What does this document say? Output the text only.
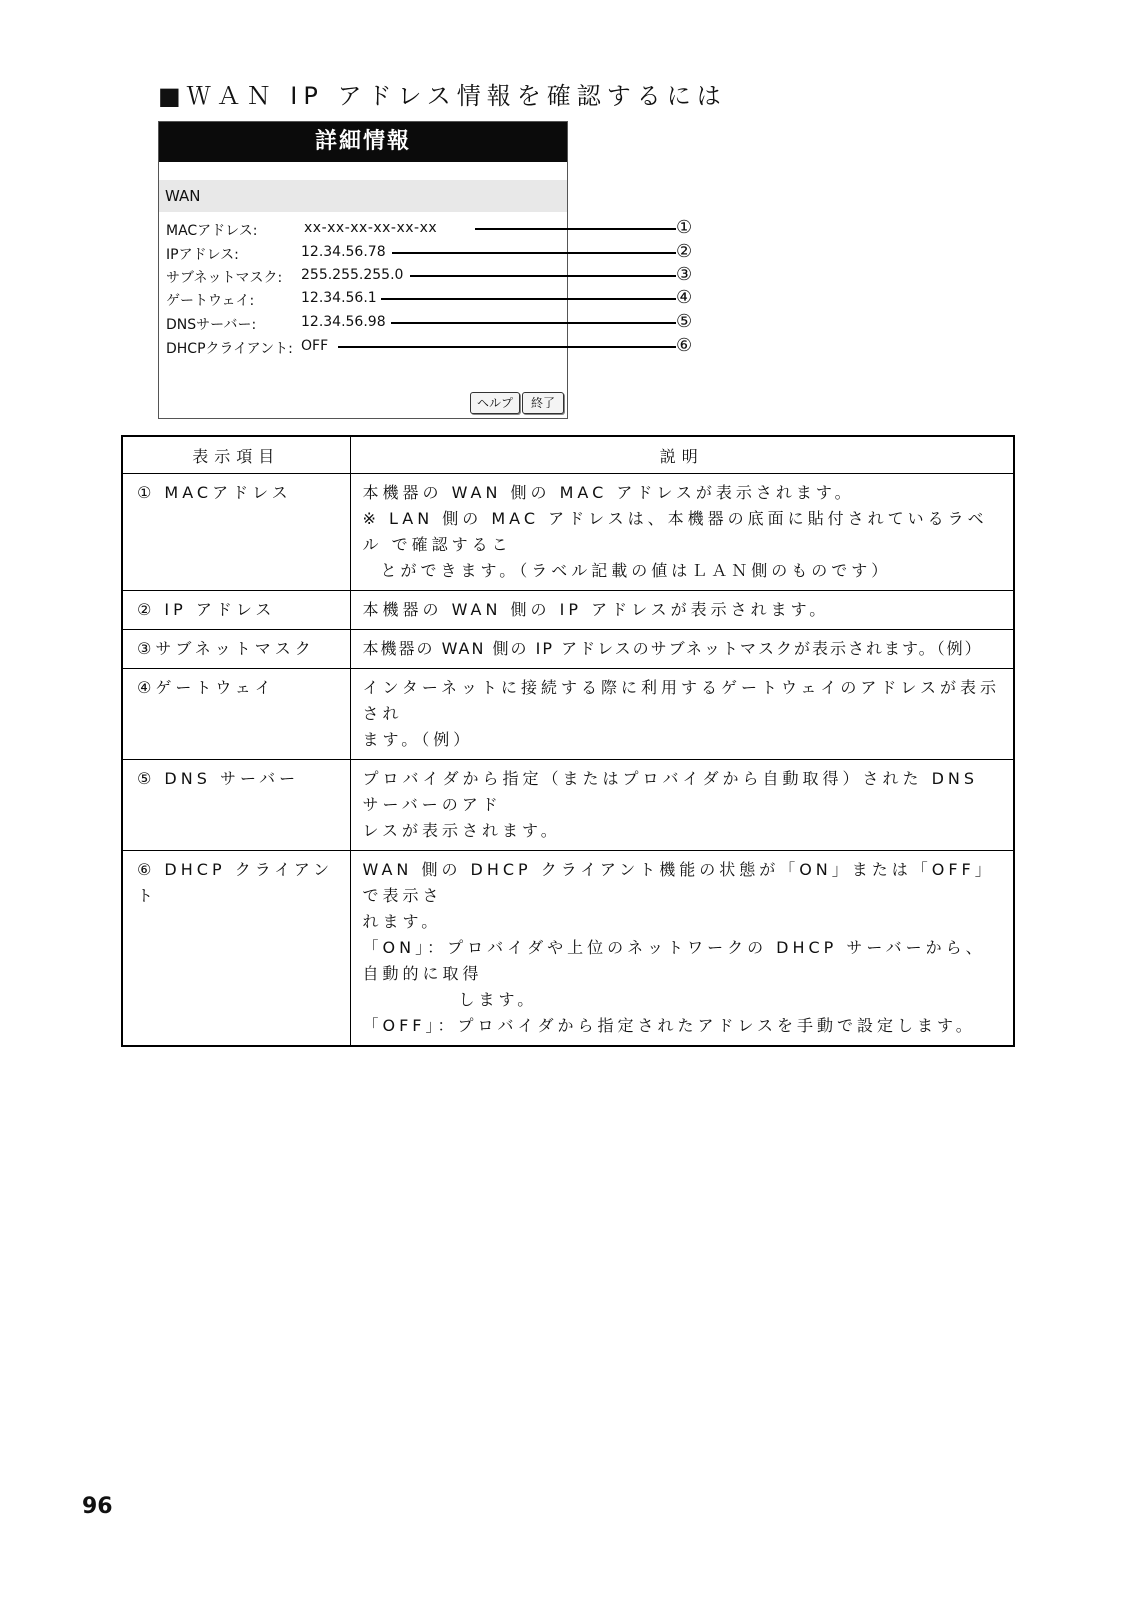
■ＷＡＮ IP アドレス情報を確認するには
詳細情報
WAN
MACアドレス:	xx-xx-xx-xx-xx-xx
IPアドレス:	12.34.56.78
サブネットマスク: 255.255.255.0
ゲートウェイ:	12.34.56.1
DNSサーバー:	12.34.56.98
DHCPクライアント: OFF
ヘルプ	終了
①
②
③
④
⑤
⑥
表示項目	説明
① MACアドレス	本機器の WAN 側の MAC アドレスが表示されます。
※ LAN 側の MAC アドレスは、本機器の底面に貼付されているラベル で確認するこ
とができます。（ラベル記載の値はＬＡＮ側のものです）

② IP アドレス	本機器の WAN 側の IP アドレスが表示されます。

③サブネットマスク	本機器の WAN 側の IP アドレスのサブネットマスクが表示されます。（例）

④ゲートウェイ	インターネットに接続する際に利用するゲートウェイのアドレスが表示され
ます。（例）

⑤ DNS サーバー	プロバイダから指定（またはプロバイダから自動取得）された DNS サーバーのアド
レスが表示されます。

⑥ DHCP クライアント	WAN 側の DHCP クライアント機能の状態が「ON」または「OFF」で表示さ
れます。
「ON」：プロバイダや上位のネットワークの DHCP サーバーから、自動的に取得
します。
「OFF」：プロバイダから指定されたアドレスを手動で設定します。
96
